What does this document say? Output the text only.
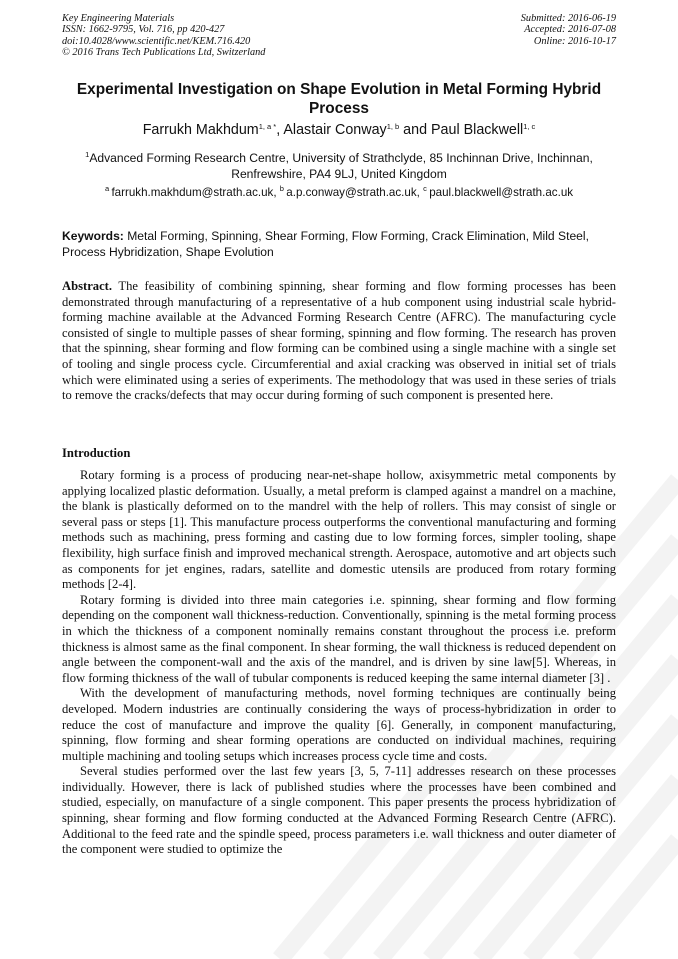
Key Engineering Materials
ISSN: 1662-9795, Vol. 716, pp 420-427
doi:10.4028/www.scientific.net/KEM.716.420
© 2016 Trans Tech Publications Ltd, Switzerland
Submitted: 2016-06-19
Accepted: 2016-07-08
Online: 2016-10-17
Experimental Investigation on Shape Evolution in Metal Forming Hybrid Process
Farrukh Makhdum$^{1, a *}$, Alastair Conway$^{1, b}$ and Paul Blackwell$^{1, c}$
$^1$Advanced Forming Research Centre, University of Strathclyde, 85 Inchinnan Drive, Inchinnan, Renfrewshire, PA4 9LJ, United Kingdom
$^a$  farrukh.makhdum@strath.ac.uk, $^b$  a.p.conway@strath.ac.uk, $^c$  paul.blackwell@strath.ac.uk
Keywords: Metal Forming, Spinning, Shear Forming, Flow Forming, Crack Elimination, Mild Steel, Process Hybridization, Shape Evolution
Abstract. The feasibility of combining spinning, shear forming and flow forming processes has been demonstrated through manufacturing of a representative of a hub component using industrial scale hybrid-forming machine available at the Advanced Forming Research Centre (AFRC). The manufacturing cycle consisted of single to multiple passes of shear forming, spinning and flow forming. The research has proven that the spinning, shear forming and flow forming can be combined using a single machine with a single set of tooling and single process cycle. Circumferential and axial cracking was observed in initial set of trials which were eliminated using a series of experiments. The methodology that was used in these series of trials to remove the cracks/defects that may occur during forming of such component is presented here.
Introduction

Rotary forming is a process of producing near-net-shape hollow, axisymmetric metal components by applying localized plastic deformation. Usually, a metal preform is clamped against a mandrel on a machine, the blank is plastically deformed on to the mandrel with the help of rollers. This may consist of single or several pass or steps [1]. This manufacture process outperforms the conventional manufacturing and forming methods such as machining, press forming and casting due to low forming forces, simpler tooling, shape flexibility, high surface finish and improved mechanical strength. Aerospace, automotive and art objects such as components for jet engines, radars, satellite and domestic utensils are produced from rotary forming methods [2-4].

Rotary forming is divided into three main categories i.e. spinning, shear forming and flow forming depending on the component wall thickness-reduction. Conventionally, spinning is the metal forming process in which the thickness of a component nominally remains constant throughout the process i.e. preform thickness is almost same as the final component. In shear forming, the wall thickness is reduced dependent on angle between the component-wall and the axis of the mandrel, and is driven by sine law[5]. Whereas, in flow forming thickness of the wall of tubular components is reduced keeping the same internal diameter [3] .

With the development of manufacturing methods, novel forming techniques are continually being developed. Modern industries are continually considering the ways of process-hybridization in order to reduce the cost of manufacture and improve the quality [6]. Generally, in component manufacturing, spinning, flow forming and shear forming operations are conducted on individual machines, requiring multiple machining and tooling setups which increases process cycle time and costs.

Several studies performed over the last few years [3, 5, 7-11] addresses research on these processes individually. However, there is lack of published studies where the processes have been combined and studied, especially, on manufacture of a single component. This paper presents the process hybridization of spinning, shear forming and flow forming conducted at the Advanced Forming Research Centre (AFRC). Additional to the feed rate and the spindle speed, process parameters i.e. wall thickness and outer diameter of the component were studied to optimize the
